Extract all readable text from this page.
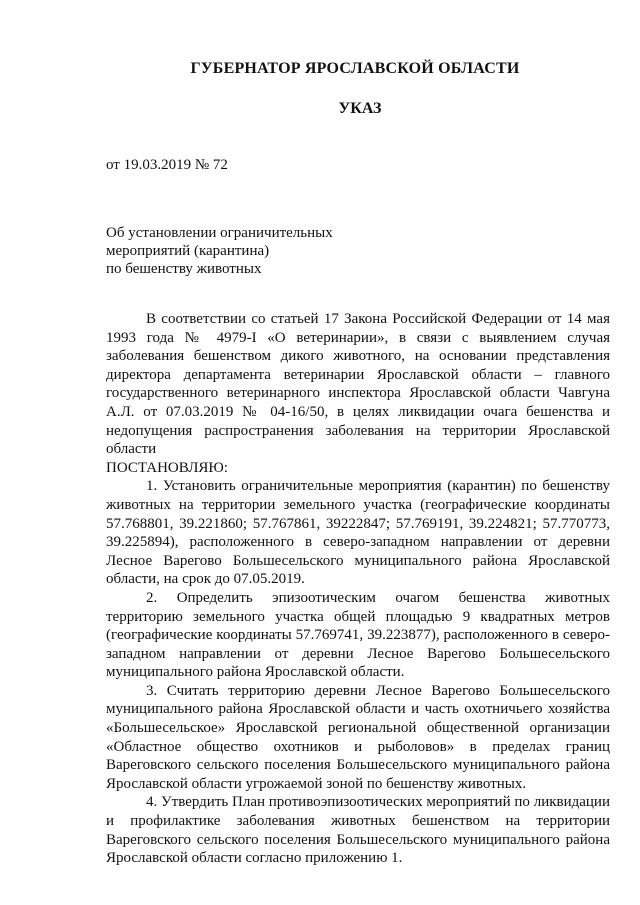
ГУБЕРНАТОР ЯРОСЛАВСКОЙ ОБЛАСТИ
УКАЗ
от 19.03.2019 № 72
Об установлении ограничительных
мероприятий (карантина)
по бешенству животных

В соответствии со статьей 17 Закона Российской Федерации от 14 мая 1993 года № 4979-I «О ветеринарии», в связи с выявлением случая заболевания бешенством дикого животного, на основании представления директора департамента ветеринарии Ярославской области – главного государственного ветеринарного инспектора Ярославской области Чавгуна А.Л. от 07.03.2019 № 04-16/50, в целях ликвидации очага бешенства и недопущения распространения заболевания на территории Ярославской области

ПОСТАНОВЛЯЮ:

1. Установить ограничительные мероприятия (карантин) по бешенству животных на территории земельного участка (географические координаты 57.768801, 39.221860; 57.767861, 39222847; 57.769191, 39.224821; 57.770773, 39.225894), расположенного в северо-западном направлении от деревни Лесное Варегово Большесельского муниципального района Ярославской области, на срок до 07.05.2019.

2. Определить эпизоотическим очагом бешенства животных территорию земельного участка общей площадью 9 квадратных метров (географические координаты 57.769741, 39.223877), расположенного в северо-западном направлении от деревни Лесное Варегово Большесельского муниципального района Ярославской области.

3. Считать территорию деревни Лесное Варегово Большесельского муниципального района Ярославской области и часть охотничьего хозяйства «Большесельское» Ярославской региональной общественной организации «Областное общество охотников и рыболовов» в пределах границ Вареговского сельского поселения Большесельского муниципального района Ярославской области угрожаемой зоной по бешенству животных.

4. Утвердить План противоэпизоотических мероприятий по ликвидации и профилактике заболевания животных бешенством на территории Вареговского сельского поселения Большесельского муниципального района Ярославской области согласно приложению 1.
